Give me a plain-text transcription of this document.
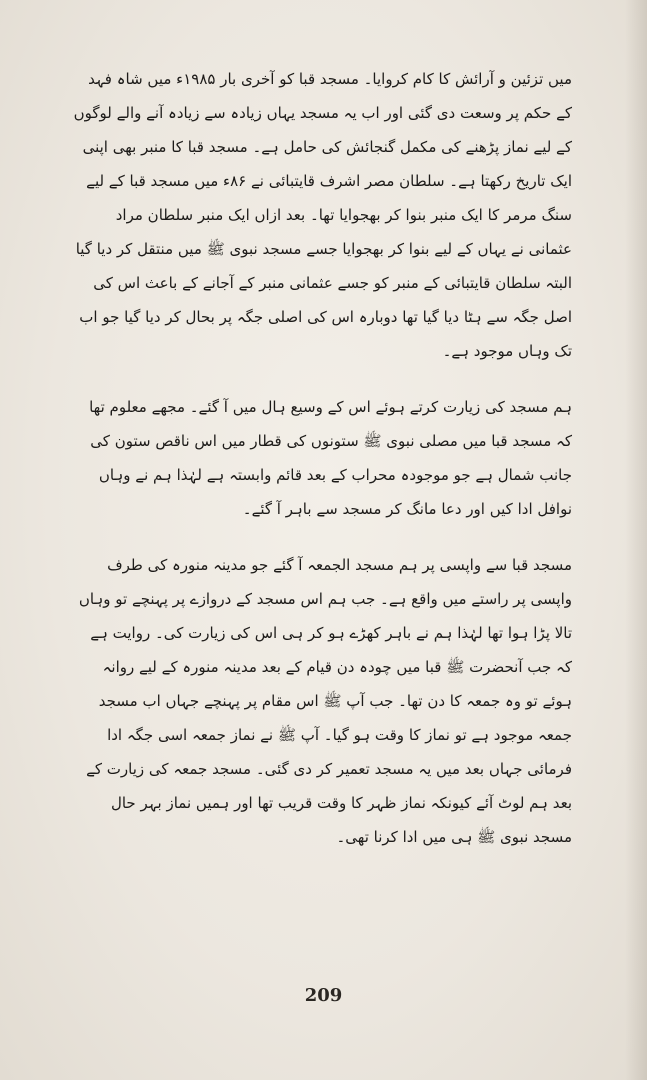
میں تزئین و آرائش کا کام کروایا۔ مسجد قبا کو آخری بار ۱۹۸۵ء میں شاہ فہد کے حکم پر وسعت دی گئی اور اب یہ مسجد یہاں زیادہ سے زیادہ آنے والے لوگوں کے لیے نماز پڑھنے کی مکمل گنجائش کی حامل ہے۔ مسجد قبا کا منبر بھی اپنی ایک تاریخ رکھتا ہے۔ سلطان مصر اشرف قایتبائی نے ۸۶ء میں مسجد قبا کے لیے سنگ مرمر کا ایک منبر بنوا کر بھجوایا تھا۔ بعد ازاں ایک منبر سلطان مراد عثمانی نے یہاں کے لیے بنوا کر بھجوایا جسے مسجد نبوی ﷺ میں منتقل کر دیا گیا البتہ سلطان قایتبائی کے منبر کو جسے عثمانی منبر کے آجانے کے باعث اس کی اصل جگہ سے ہٹا دیا گیا تھا دوبارہ اس کی اصلی جگہ پر بحال کر دیا گیا جو اب تک وہاں موجود ہے۔

ہم مسجد کی زیارت کرتے ہوئے اس کے وسیع ہال میں آ گئے۔ مجھے معلوم تھا کہ مسجد قبا میں مصلی نبوی ﷺ ستونوں کی قطار میں اس ناقص ستون کی جانب شمال ہے جو موجودہ محراب کے بعد قائم وابستہ ہے لہٰذا ہم نے وہاں نوافل ادا کیں اور دعا مانگ کر مسجد سے باہر آ گئے۔

مسجد قبا سے واپسی پر ہم مسجد الجمعہ آ گئے جو مدینہ منورہ کی طرف واپسی پر راستے میں واقع ہے۔ جب ہم اس مسجد کے دروازے پر پہنچے تو وہاں تالا پڑا ہوا تھا لہٰذا ہم نے باہر کھڑے ہو کر ہی اس کی زیارت کی۔ روایت ہے کہ جب آنحضرت ﷺ قبا میں چودہ دن قیام کے بعد مدینہ منورہ کے لیے روانہ ہوئے تو وہ جمعہ کا دن تھا۔ جب آپ ﷺ اس مقام پر پہنچے جہاں اب مسجد جمعہ موجود ہے تو نماز کا وقت ہو گیا۔ آپ ﷺ نے نماز جمعہ اسی جگہ ادا فرمائی جہاں بعد میں یہ مسجد تعمیر کر دی گئی۔ مسجد جمعہ کی زیارت کے بعد ہم لوٹ آئے کیونکہ نماز ظہر کا وقت قریب تھا اور ہمیں نماز بہر حال مسجد نبوی ﷺ ہی میں ادا کرنا تھی۔

209
